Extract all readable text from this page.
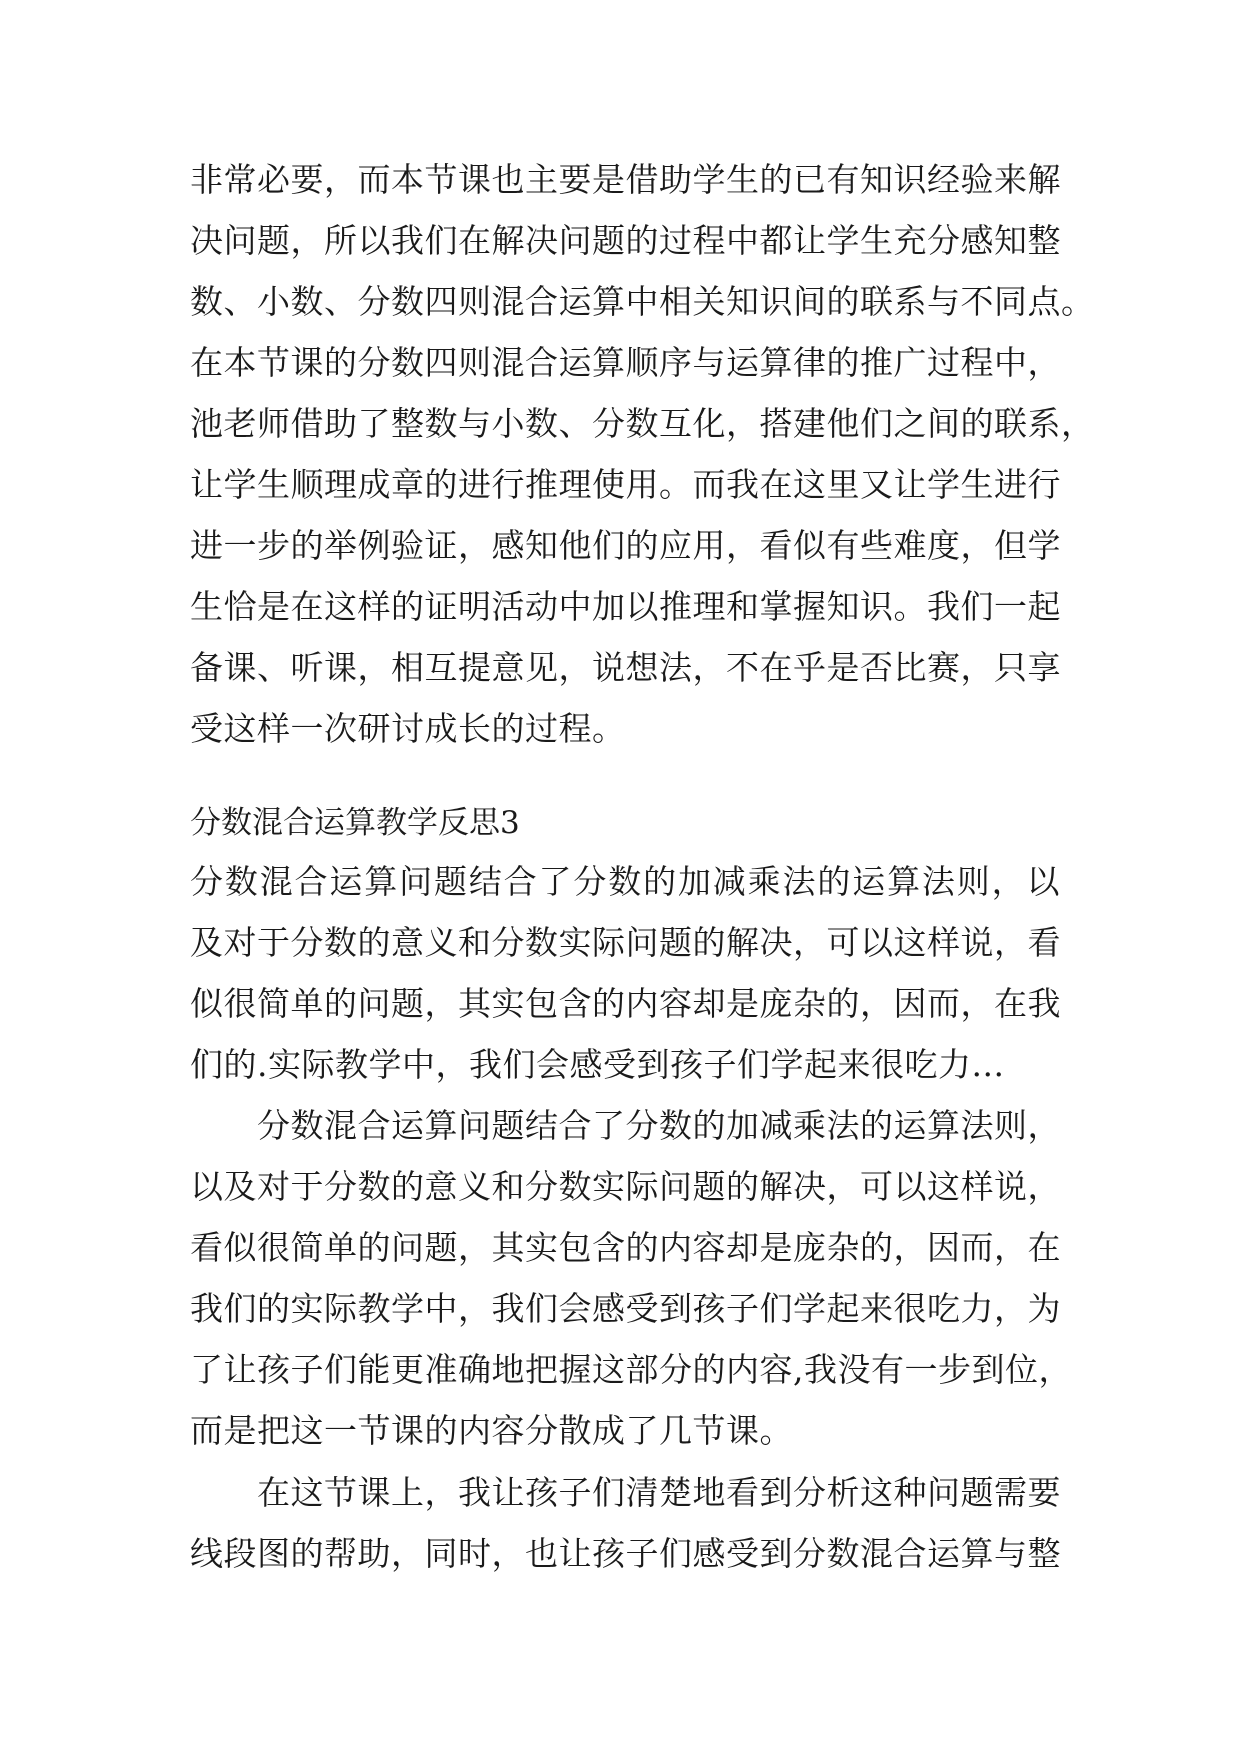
非常必要，而本节课也主要是借助学生的已有知识经验来解
决问题，所以我们在解决问题的过程中都让学生充分感知整
数、小数、分数四则混合运算中相关知识间的联系与不同点。
在本节课的分数四则混合运算顺序与运算律的推广过程中，
池老师借助了整数与小数、分数互化，搭建他们之间的联系，
让学生顺理成章的进行推理使用。而我在这里又让学生进行
进一步的举例验证，感知他们的应用，看似有些难度，但学
生恰是在这样的证明活动中加以推理和掌握知识。我们一起
备课、听课，相互提意见，说想法，不在乎是否比赛，只享
受这样一次研讨成长的过程。
分数混合运算教学反思3
分数混合运算问题结合了分数的加减乘法的运算法则，以
及对于分数的意义和分数实际问题的解决，可以这样说，看
似很简单的问题，其实包含的内容却是庞杂的，因而，在我
们的.实际教学中，我们会感受到孩子们学起来很吃力...
　　分数混合运算问题结合了分数的加减乘法的运算法则，
以及对于分数的意义和分数实际问题的解决，可以这样说，
看似很简单的问题，其实包含的内容却是庞杂的，因而，在
我们的实际教学中，我们会感受到孩子们学起来很吃力，为
了让孩子们能更准确地把握这部分的内容,我没有一步到位，
而是把这一节课的内容分散成了几节课。
　　在这节课上，我让孩子们清楚地看到分析这种问题需要
线段图的帮助，同时，也让孩子们感受到分数混合运算与整
